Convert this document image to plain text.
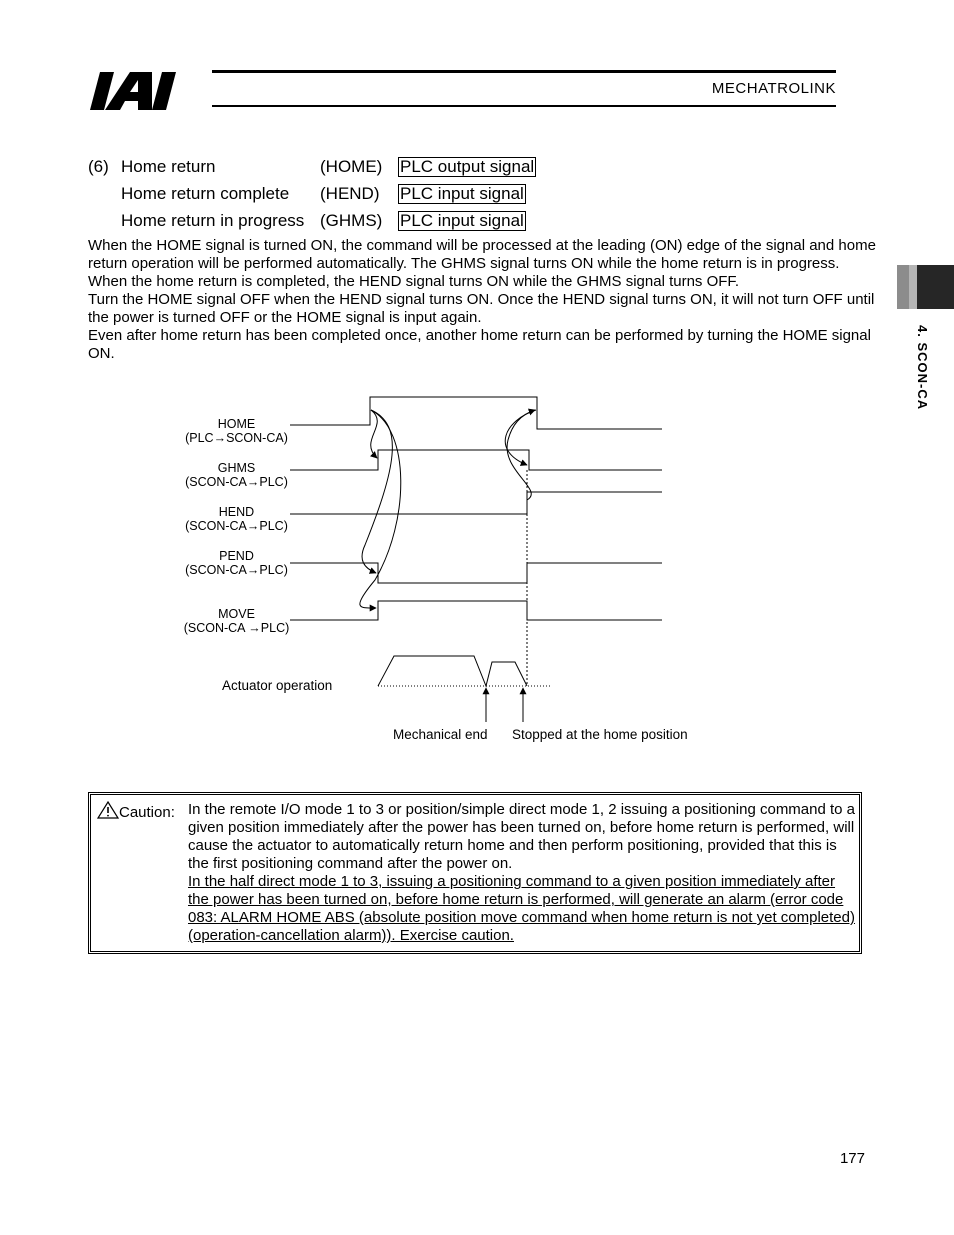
MECHATROLINK
4. SCON-CA
(6) Home return	(HOME) PLC output signal
Home return complete (HEND) PLC input signal
Home return in progress (GHMS) PLC input signal

When the HOME signal is turned ON, the command will be processed at the leading (ON) edge of the signal and home return operation will be performed automatically. The GHMS signal turns ON while the home return is in progress.

When the home return is completed, the HEND signal turns ON while the GHMS signal turns OFF.

Turn the HOME signal OFF when the HEND signal turns ON. Once the HEND signal turns ON, it will not turn OFF until the power is turned OFF or the HOME signal is input again.

Even after home return has been completed once, another home return can be performed by turning the HOME signal ON.

HOME
(PLC→SCON-CA)
GHMS
(SCON-CA→PLC)
HEND
(SCON-CA→PLC)
PEND
(SCON-CA→PLC)
MOVE
(SCON-CA →PLC)
Actuator operation
Mechanical end Stopped at the home position
Caution: In the remote I/O mode 1 to 3 or position/simple direct mode 1, 2 issuing a positioning command to a given position immediately after the power has been turned on, before home return is performed, will cause the actuator to automatically return home and then perform positioning, provided that this is the first positioning command after the power on.

In the half direct mode 1 to 3, issuing a positioning command to a given position immediately after the power has been turned on, before home return is performed, will generate an alarm (error code 083: ALARM HOME ABS (absolute position move command when home return is not yet completed) (operation-cancellation alarm)). Exercise caution.

177
